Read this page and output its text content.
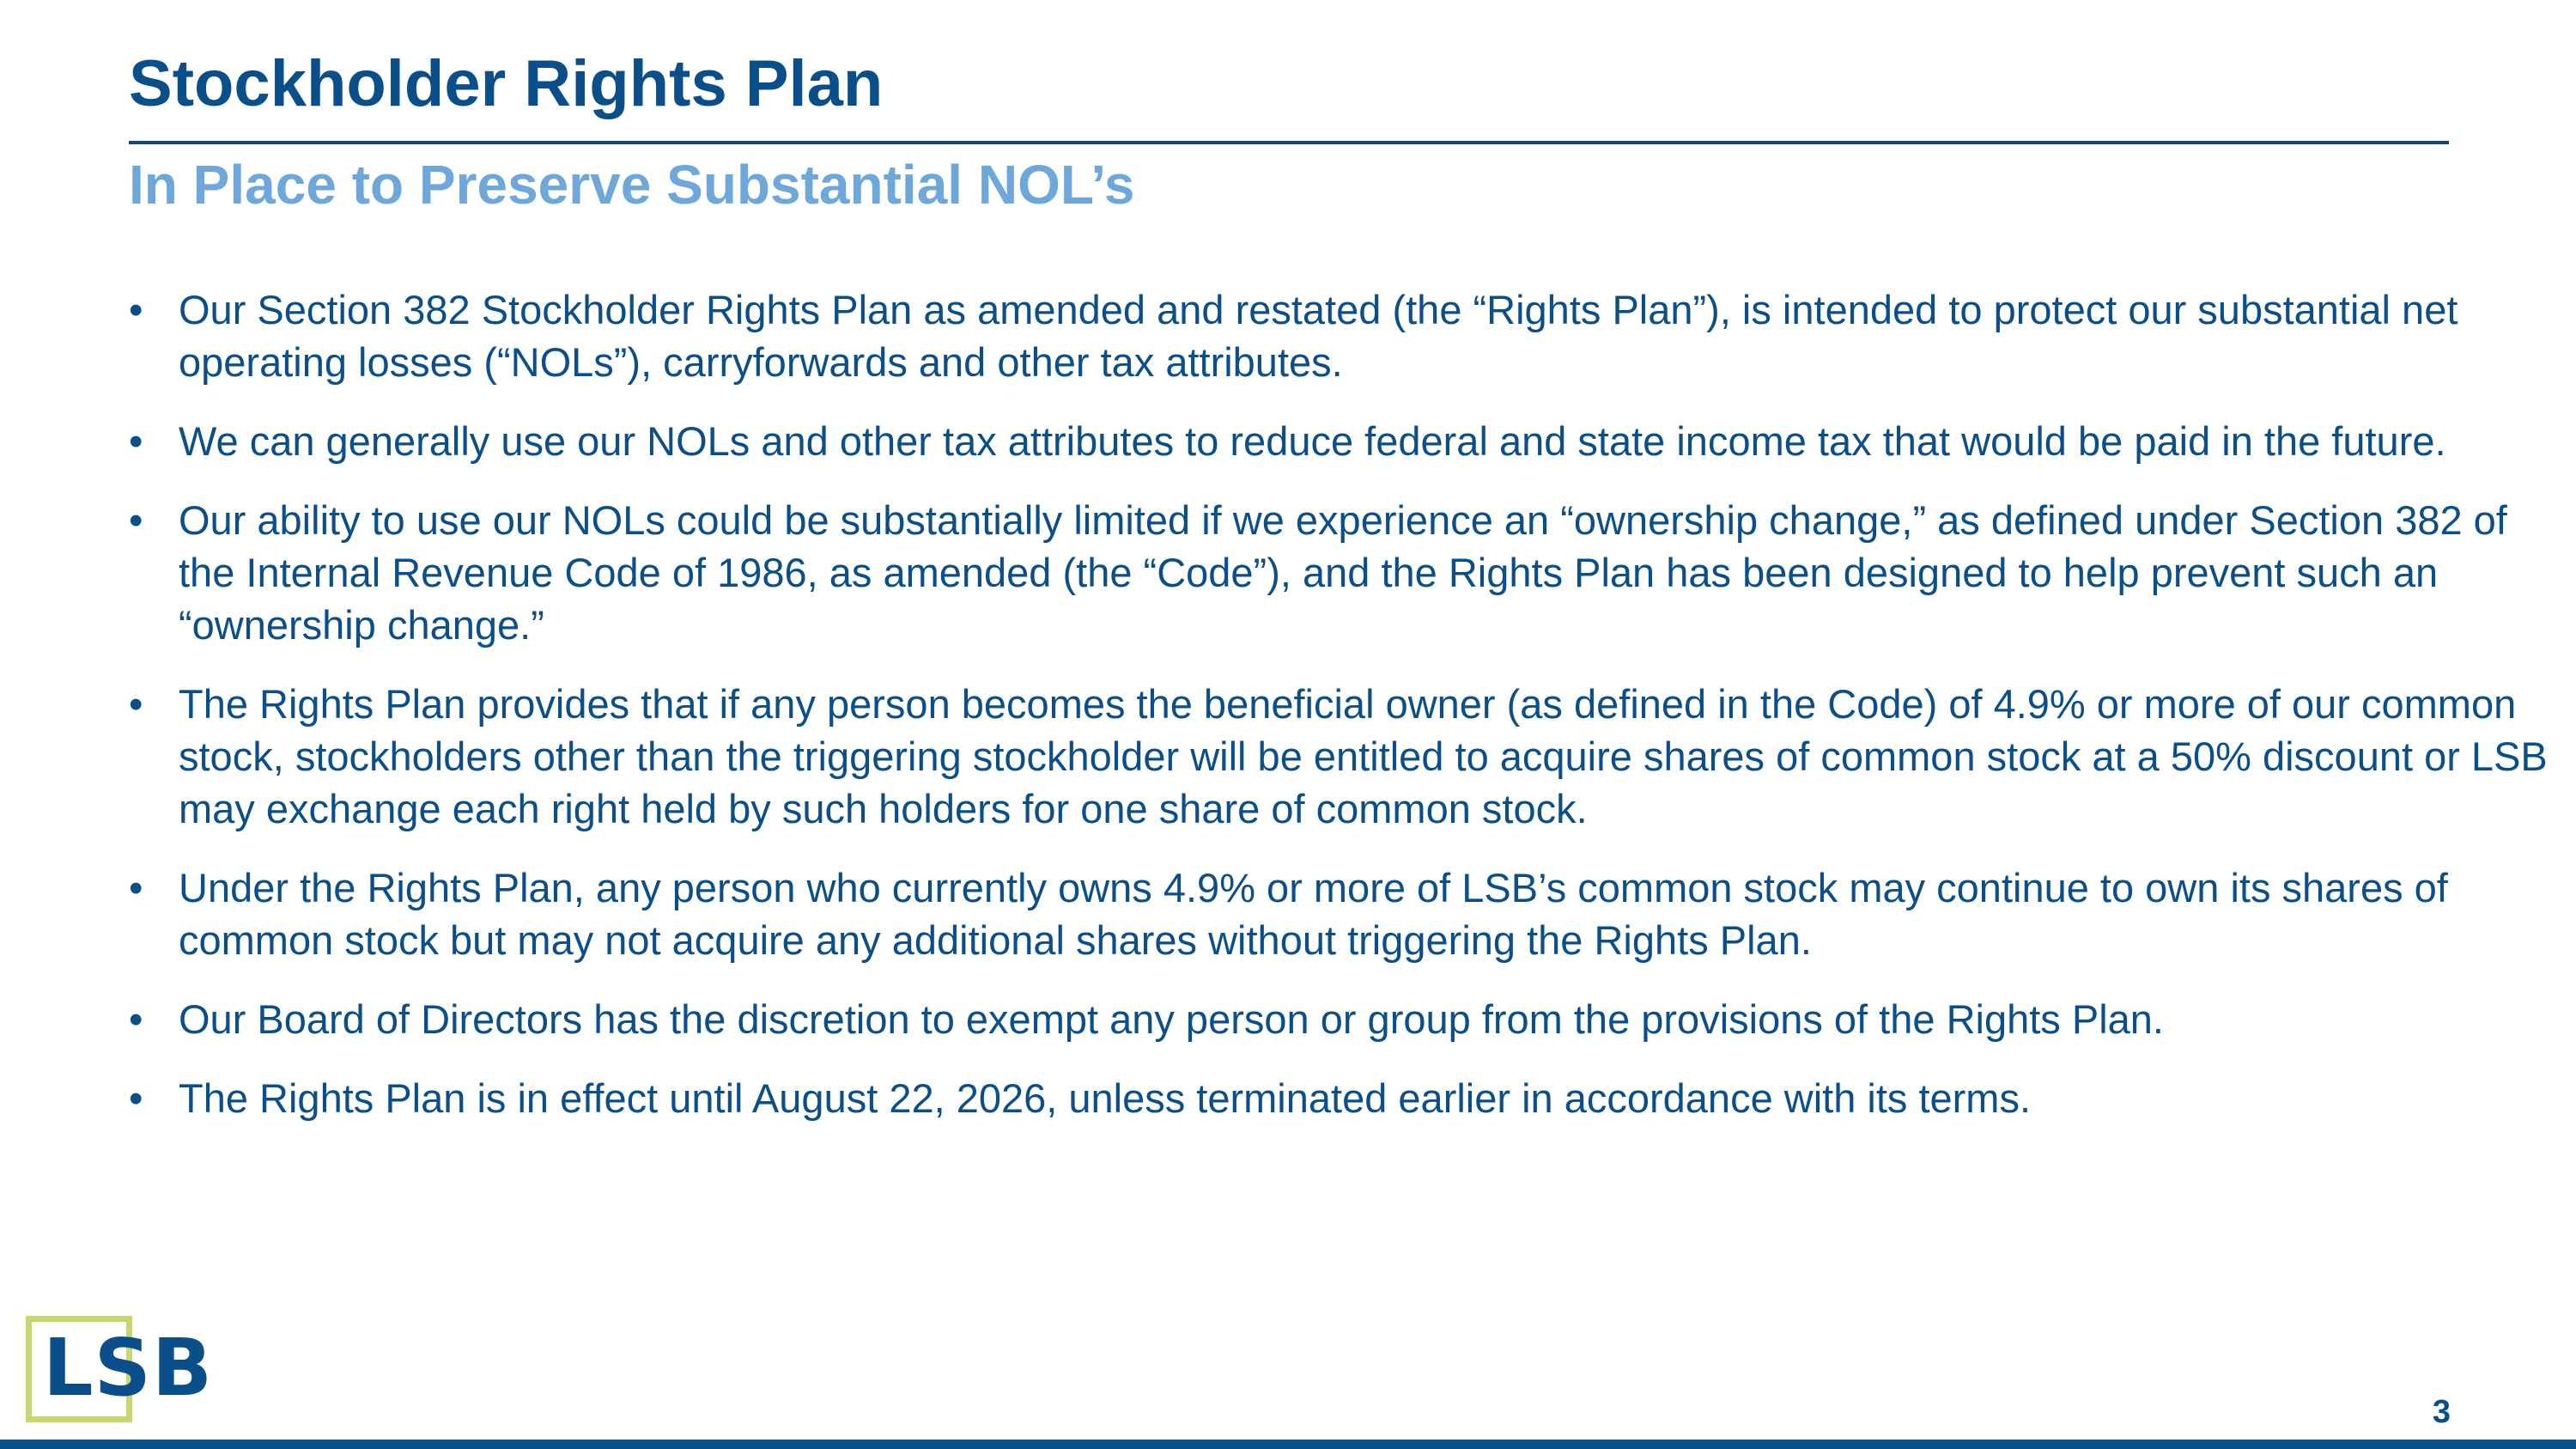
Stockholder Rights Plan
In Place to Preserve Substantial NOL’s
• Our Section 382 Stockholder Rights Plan as amended and restated (the “Rights Plan”), is intended to protect our substantial net operating losses (“NOLs”), carryforwards and other tax attributes.
• We can generally use our NOLs and other tax attributes to reduce federal and state income tax that would be paid in the future.
• Our ability to use our NOLs could be substantially limited if we experience an “ownership change,” as defined under Section 382 of the Internal Revenue Code of 1986, as amended (the “Code”), and the Rights Plan has been designed to help prevent such an “ownership change.”
• The Rights Plan provides that if any person becomes the beneficial owner (as defined in the Code) of 4.9% or more of our common stock, stockholders other than the triggering stockholder will be entitled to acquire shares of common stock at a 50% discount or LSB may exchange each right held by such holders for one share of common stock.
• Under the Rights Plan, any person who currently owns 4.9% or more of LSB’s common stock may continue to own its shares of common stock but may not acquire any additional shares without triggering the Rights Plan.
• Our Board of Directors has the discretion to exempt any person or group from the provisions of the Rights Plan.
• The Rights Plan is in effect until August 22, 2026, unless terminated earlier in accordance with its terms.
LSB	3
